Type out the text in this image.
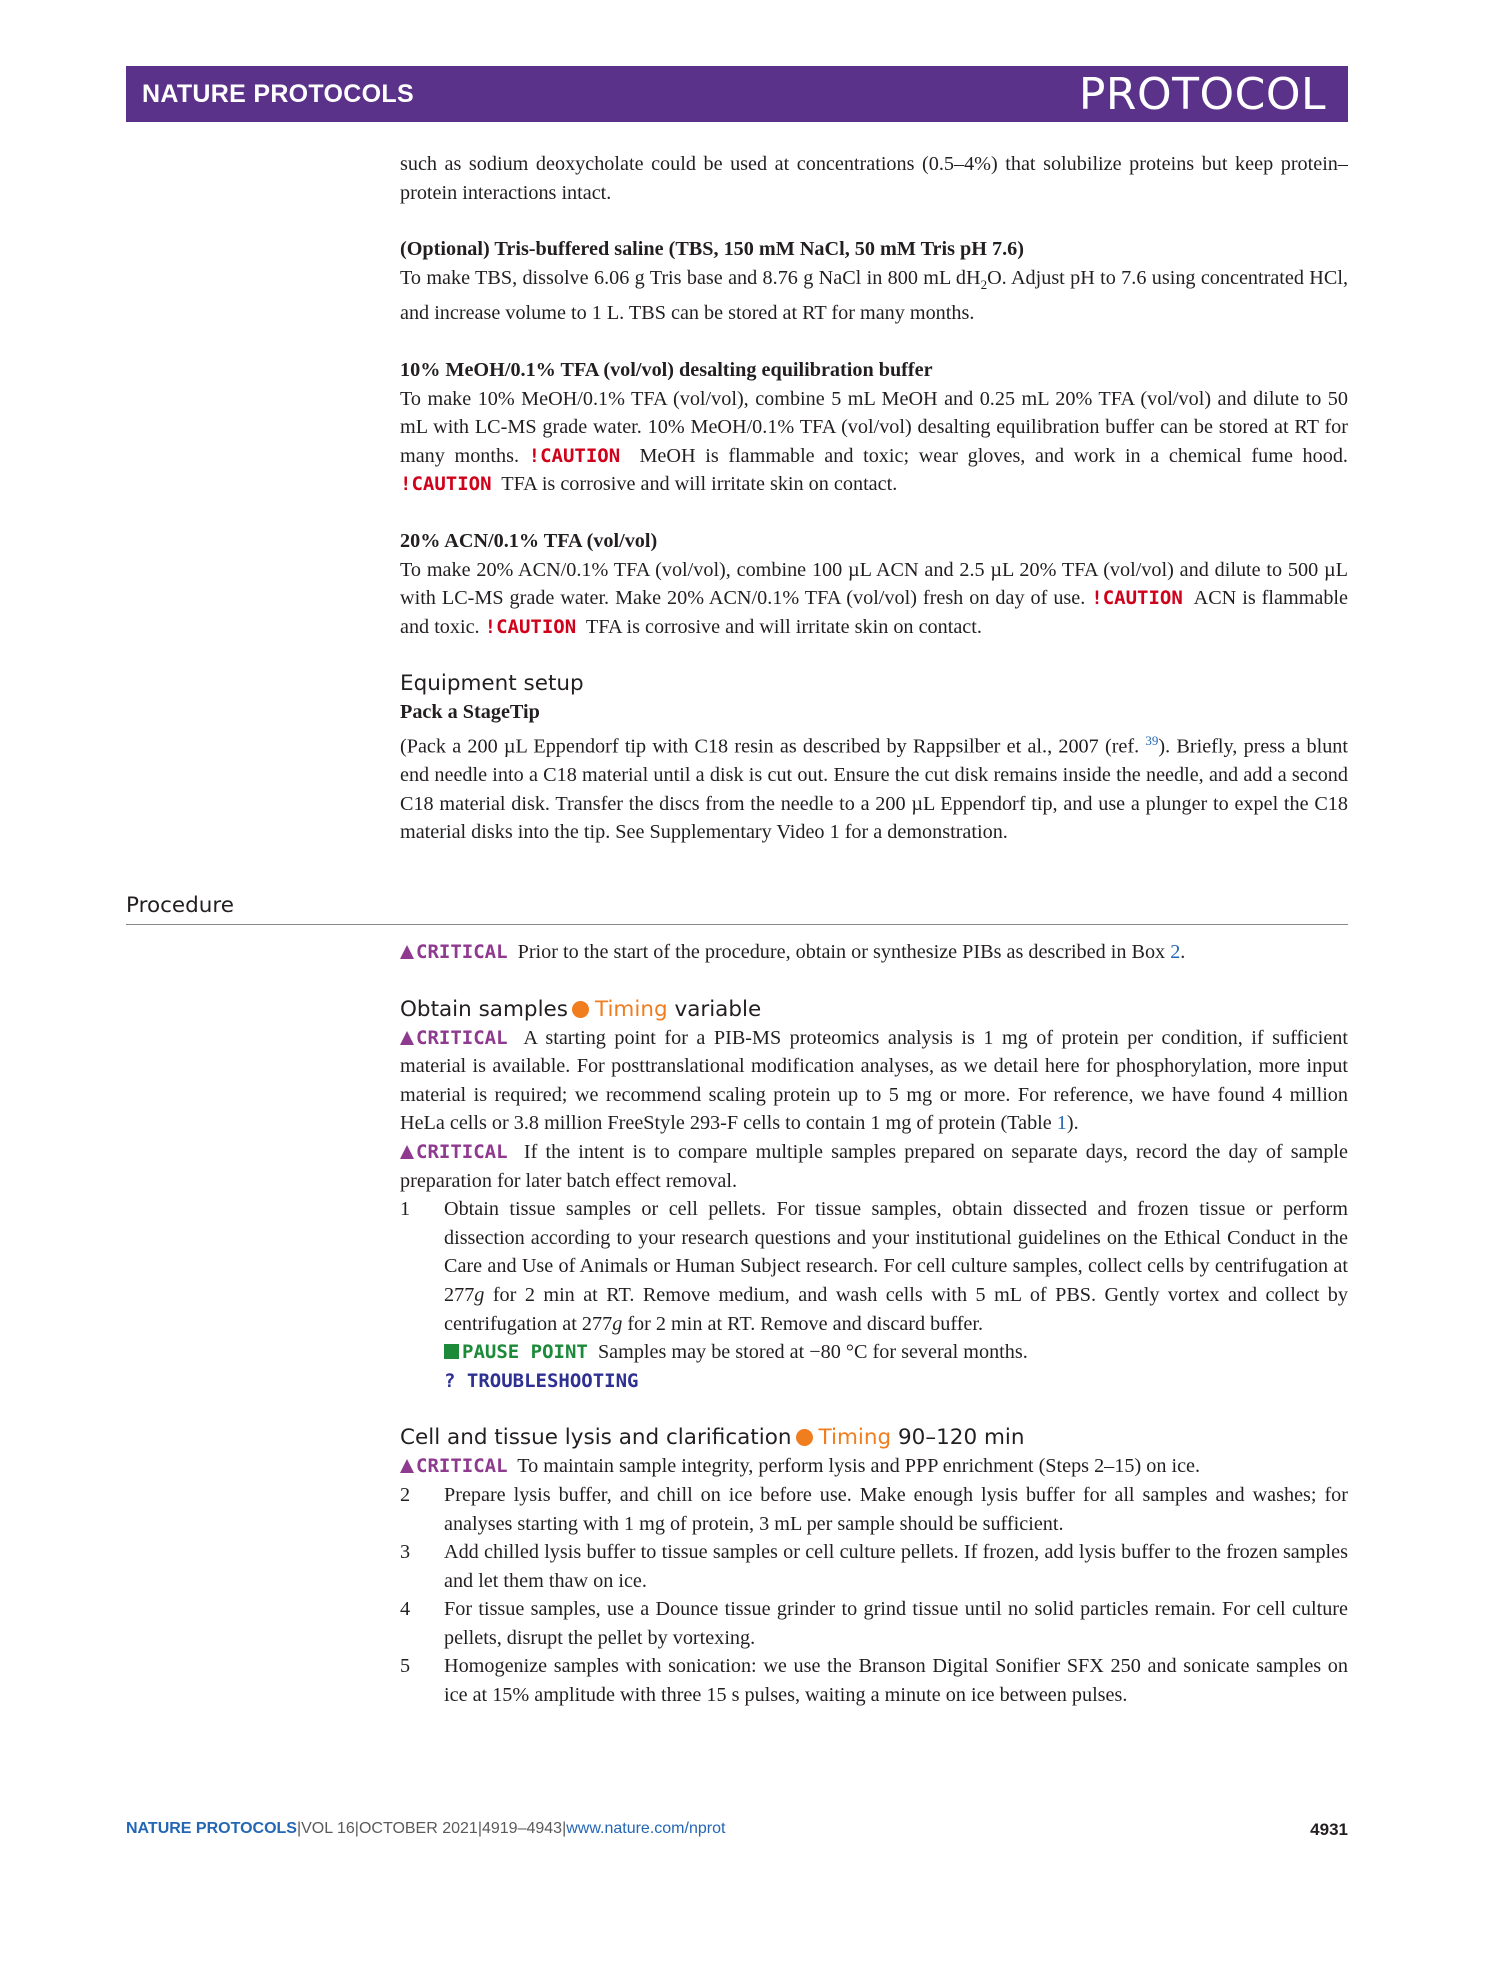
NATURE PROTOCOLS	PROTOCOL

such as sodium deoxycholate could be used at concentrations (0.5–4%) that solubilize proteins but keep protein–protein interactions intact.

(Optional) Tris-buffered saline (TBS, 150 mM NaCl, 50 mM Tris pH 7.6)

To make TBS, dissolve 6.06 g Tris base and 8.76 g NaCl in 800 mL $dH_2O$. Adjust pH to 7.6 using concentrated HCl, and increase volume to 1 L. TBS can be stored at RT for many months.

10% MeOH/0.1% TFA (vol/vol) desalting equilibration buffer

To make 10% MeOH/0.1% TFA (vol/vol), combine 5 mL MeOH and 0.25 mL 20% TFA (vol/vol) and dilute to 50 mL with LC-MS grade water. 10% MeOH/0.1% TFA (vol/vol) desalting equilibration buffer can be stored at RT for many months. !CAUTION MeOH is flammable and toxic; wear gloves, and work in a chemical fume hood. !CAUTION TFA is corrosive and will irritate skin on contact.

20% ACN/0.1% TFA (vol/vol)

To make 20% ACN/0.1% TFA (vol/vol), combine 100 µL ACN and 2.5 µL 20% TFA (vol/vol) and dilute to 500 µL with LC-MS grade water. Make 20% ACN/0.1% TFA (vol/vol) fresh on day of use. !CAUTION ACN is flammable and toxic. !CAUTION TFA is corrosive and will irritate skin on contact.

Equipment setup

Pack a StageTip

(Pack a 200 µL Eppendorf tip with C18 resin as described by Rappsilber et al., 2007 (ref. $^{39}$). Briefly, press a blunt end needle into a C18 material until a disk is cut out. Ensure the cut disk remains inside the needle, and add a second C18 material disk. Transfer the discs from the needle to a 200 µL Eppendorf tip, and use a plunger to expel the C18 material disks into the tip. See Supplementary Video 1 for a demonstration.

Procedure

CRITICAL Prior to the start of the procedure, obtain or synthesize PIBs as described in Box 2.

Obtain samples Timing variable

CRITICAL A starting point for a PIB-MS proteomics analysis is 1 mg of protein per condition, if sufficient material is available. For posttranslational modification analyses, as we detail here for phosphorylation, more input material is required; we recommend scaling protein up to 5 mg or more. For reference, we have found 4 million HeLa cells or 3.8 million FreeStyle 293-F cells to contain 1 mg of protein (Table 1).

CRITICAL If the intent is to compare multiple samples prepared on separate days, record the day of sample preparation for later batch effect removal.

1 Obtain tissue samples or cell pellets. For tissue samples, obtain dissected and frozen tissue or perform dissection according to your research questions and your institutional guidelines on the Ethical Conduct in the Care and Use of Animals or Human Subject research. For cell culture samples, collect cells by centrifugation at 277g for 2 min at RT. Remove medium, and wash cells with 5 mL of PBS. Gently vortex and collect by centrifugation at 277g for 2 min at RT. Remove and discard buffer.

PAUSE POINT Samples may be stored at −80 °C for several months.

? TROUBLESHOOTING

Cell and tissue lysis and clarification Timing 90–120 min

CRITICAL To maintain sample integrity, perform lysis and PPP enrichment (Steps 2–15) on ice.

2 Prepare lysis buffer, and chill on ice before use. Make enough lysis buffer for all samples and washes; for analyses starting with 1 mg of protein, 3 mL per sample should be sufficient.

3 Add chilled lysis buffer to tissue samples or cell culture pellets. If frozen, add lysis buffer to the frozen samples and let them thaw on ice.

4 For tissue samples, use a Dounce tissue grinder to grind tissue until no solid particles remain. For cell culture pellets, disrupt the pellet by vortexing.

5 Homogenize samples with sonication: we use the Branson Digital Sonifier SFX 250 and sonicate samples on ice at 15% amplitude with three 15 s pulses, waiting a minute on ice between pulses.

NATURE PROTOCOLS|VOL 16|OCTOBER 2021|4919–4943|www.nature.com/nprot	4931
